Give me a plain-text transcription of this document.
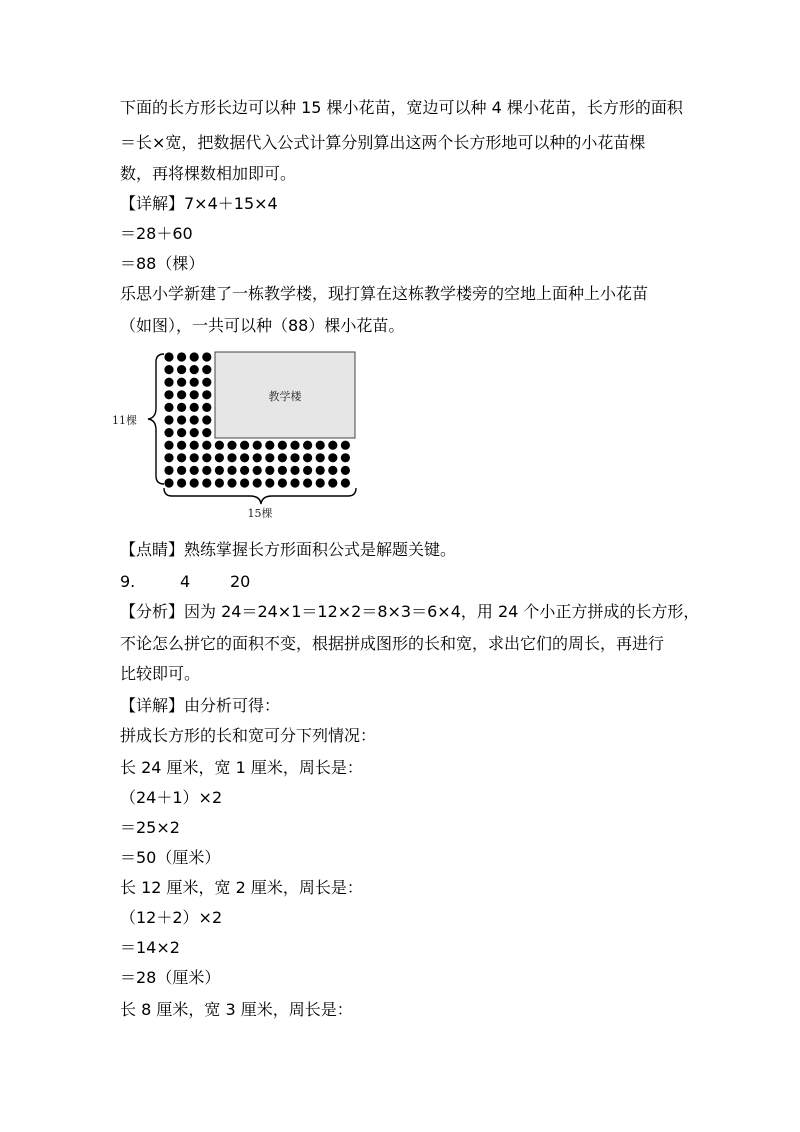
下面的长方形长边可以种 15 棵小花苗，宽边可以种 4 棵小花苗，长方形的面积
＝长×宽，把数据代入公式计算分别算出这两个长方形地可以种的小花苗棵
数，再将棵数相加即可。
【详解】7×4＋15×4
＝28＋60
＝88（棵）
乐思小学新建了一栋教学楼，现打算在这栋教学楼旁的空地上面种上小花苗
（如图），一共可以种（88）棵小花苗。
教学楼
11棵
15棵
【点睛】熟练掌握长方形面积公式是解题关键。
9.	4 20
【分析】因为 24＝24×1＝12×2＝8×3＝6×4，用 24 个小正方拼成的长方形，
不论怎么拼它的面积不变，根据拼成图形的长和宽，求出它们的周长，再进行
比较即可。
【详解】由分析可得：
拼成长方形的长和宽可分下列情况：
长 24 厘米，宽 1 厘米，周长是：
（24＋1）×2
＝25×2
＝50（厘米）
长 12 厘米，宽 2 厘米，周长是：
（12＋2）×2
＝14×2
＝28（厘米）
长 8 厘米，宽 3 厘米，周长是：
